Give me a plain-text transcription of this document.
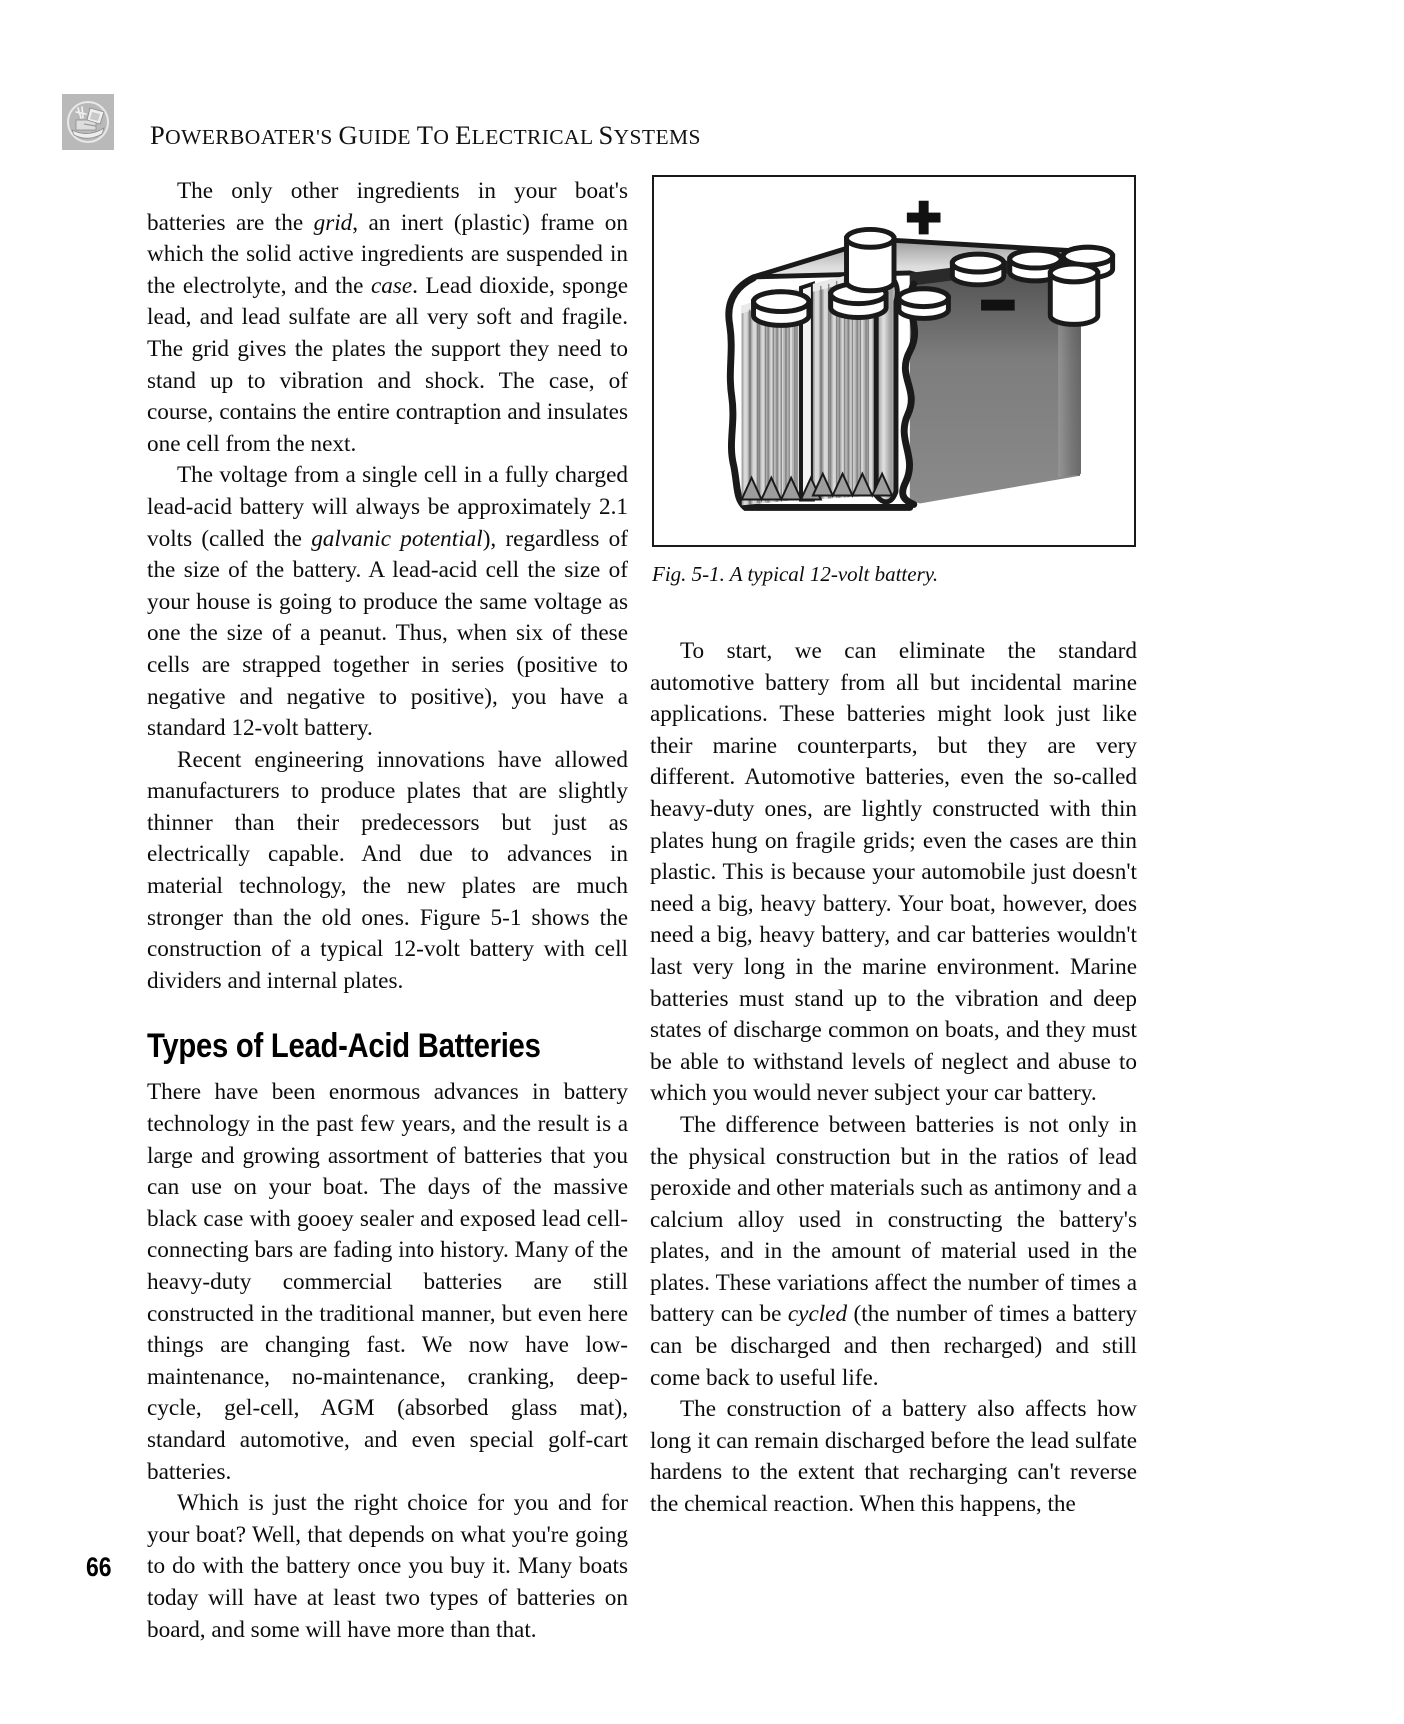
POWERBOATER'S GUIDE TO ELECTRICAL SYSTEMS
Fig. 5-1. A typical 12-volt battery.

The only other ingredients in your boat's batteries are the grid, an inert (plastic) frame on which the solid active ingredients are suspended in the electrolyte, and the case. Lead dioxide, sponge lead, and lead sulfate are all very soft and fragile. The grid gives the plates the support they need to stand up to vibration and shock. The case, of course, contains the entire contraption and insulates one cell from the next.

The voltage from a single cell in a fully charged lead-acid battery will always be approximately 2.1 volts (called the galvanic potential), regardless of the size of the battery. A lead-acid cell the size of your house is going to produce the same voltage as one the size of a peanut. Thus, when six of these cells are strapped together in series (positive to negative and negative to positive), you have a standard 12-volt battery.

Recent engineering innovations have allowed manufacturers to produce plates that are slightly thinner than their predecessors but just as electrically capable. And due to advances in material technology, the new plates are much stronger than the old ones. Figure 5-1 shows the construction of a typical 12-volt battery with cell dividers and internal plates.

Types of Lead-Acid Batteries

There have been enormous advances in battery technology in the past few years, and the result is a large and growing assortment of batteries that you can use on your boat. The days of the massive black case with gooey sealer and exposed lead cell-connecting bars are fading into history. Many of the heavy-duty commercial batteries are still constructed in the traditional manner, but even here things are changing fast. We now have low-maintenance, no-maintenance, cranking, deep-cycle, gel-cell, AGM (absorbed glass mat), standard automotive, and even special golf-cart batteries.

Which is just the right choice for you and for your boat? Well, that depends on what you're going to do with the battery once you buy it. Many boats today will have at least two types of batteries on board, and some will have more than that.

To start, we can eliminate the standard automotive battery from all but incidental marine applications. These batteries might look just like their marine counterparts, but they are very different. Automotive batteries, even the so-called heavy-duty ones, are lightly constructed with thin plates hung on fragile grids; even the cases are thin plastic. This is because your automobile just doesn't need a big, heavy battery. Your boat, however, does need a big, heavy battery, and car batteries wouldn't last very long in the marine environment. Marine batteries must stand up to the vibration and deep states of discharge common on boats, and they must be able to withstand levels of neglect and abuse to which you would never subject your car battery.

The difference between batteries is not only in the physical construction but in the ratios of lead peroxide and other materials such as antimony and a calcium alloy used in constructing the battery's plates, and in the amount of material used in the plates. These variations affect the number of times a battery can be cycled (the number of times a battery can be discharged and then recharged) and still come back to useful life.

The construction of a battery also affects how long it can remain discharged before the lead sulfate hardens to the extent that recharging can't reverse the chemical reaction. When this happens, the

66
